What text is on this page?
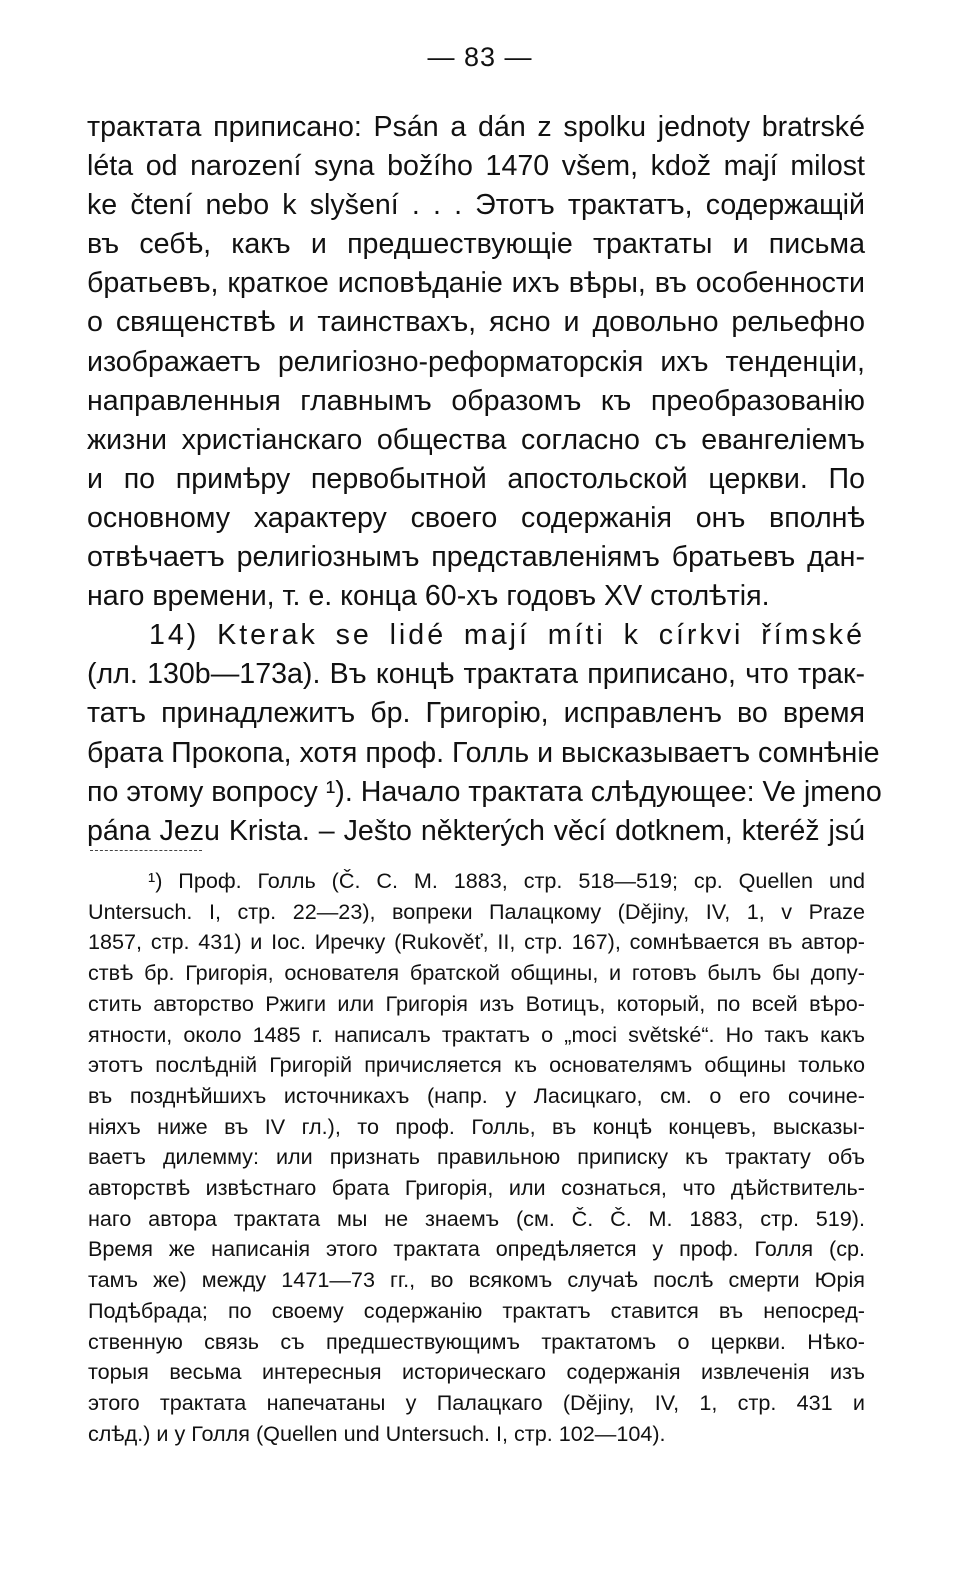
— 83 —
трактата приписано: Psán a dán z spolku jednoty bratrské
léta od narození syna božího 1470 všem, kdož mají milost
ke čtení nebo k slyšení . . . Этотъ трактатъ, содержащій
въ себѣ, какъ и предшествующіе трактаты и письма
братьевъ, краткое исповѣданіе ихъ вѣры, въ особенности
о священствѣ и таинствахъ, ясно и довольно рельефно
изображаетъ религіозно-реформаторскія ихъ тенденціи,
направленныя главнымъ образомъ къ преобразованію
жизни христіанскаго общества согласно съ евангеліемъ
и по примѣру первобытной апостольской церкви. По
основному характеру своего содержанія онъ вполнѣ
отвѣчаетъ религіознымъ представленіямъ братьевъ дан-
наго времени, т. е. конца 60-хъ годовъ XV столѣтія.
14) Kterak se lidé mají míti k církvi římské
(лл. 130b—173a). Въ концѣ трактата приписано, что трак-
татъ принадлежитъ бр. Григорію, исправленъ во время
брата Прокопа, хотя проф. Голль и высказываетъ сомнѣніе
по этому вопросу ¹). Начало трактата слѣдующее: Ve jmeno
pána Jezu Krista. – Ješto některých věcí dotknem, kteréž jsú
¹) Проф. Голль (Č. C. M. 1883, стр. 518—519; ср. Quellen und
Untersuch. I, стр. 22—23), вопреки Палацкому (Dějiny, IV, 1, v Praze
1857, стр. 431) и Іос. Иречку (Rukověť, II, стр. 167), сомнѣвается въ автор-
ствѣ бр. Григорія, основателя братской общины, и готовъ былъ бы допу-
стить авторство Ржиги или Григорія изъ Вотицъ, который, по всей вѣро-
ятности, около 1485 г. написалъ трактатъ о „moci světské“. Но такъ какъ
этотъ послѣдній Григорій причисляется къ основателямъ общины только
въ позднѣйшихъ источникахъ (напр. у Ласицкаго, см. о его сочине-
ніяхъ ниже въ IV гл.), то проф. Голль, въ концѣ концевъ, высказы-
ваетъ дилемму: или признать правильною приписку къ трактату объ
авторствѣ извѣстнаго брата Григорія, или сознаться, что дѣйствитель-
наго автора трактата мы не знаемъ (см. Č. Č. M. 1883, стр. 519).
Время же написанія этого трактата опредѣляется у проф. Голля (ср.
тамъ же) между 1471—73 гг., во всякомъ случаѣ послѣ смерти Юрія
Подѣбрада; по своему содержанію трактатъ ставится въ непосред-
ственную связь съ предшествующимъ трактатомъ о церкви. Нѣко-
торыя весьма интересныя историческаго содержанія извлеченія изъ
этого трактата напечатаны у Палацкаго (Dějiny, IV, 1, стр. 431 и
слѣд.) и у Голля (Quellen und Untersuch. I, стр. 102—104).
